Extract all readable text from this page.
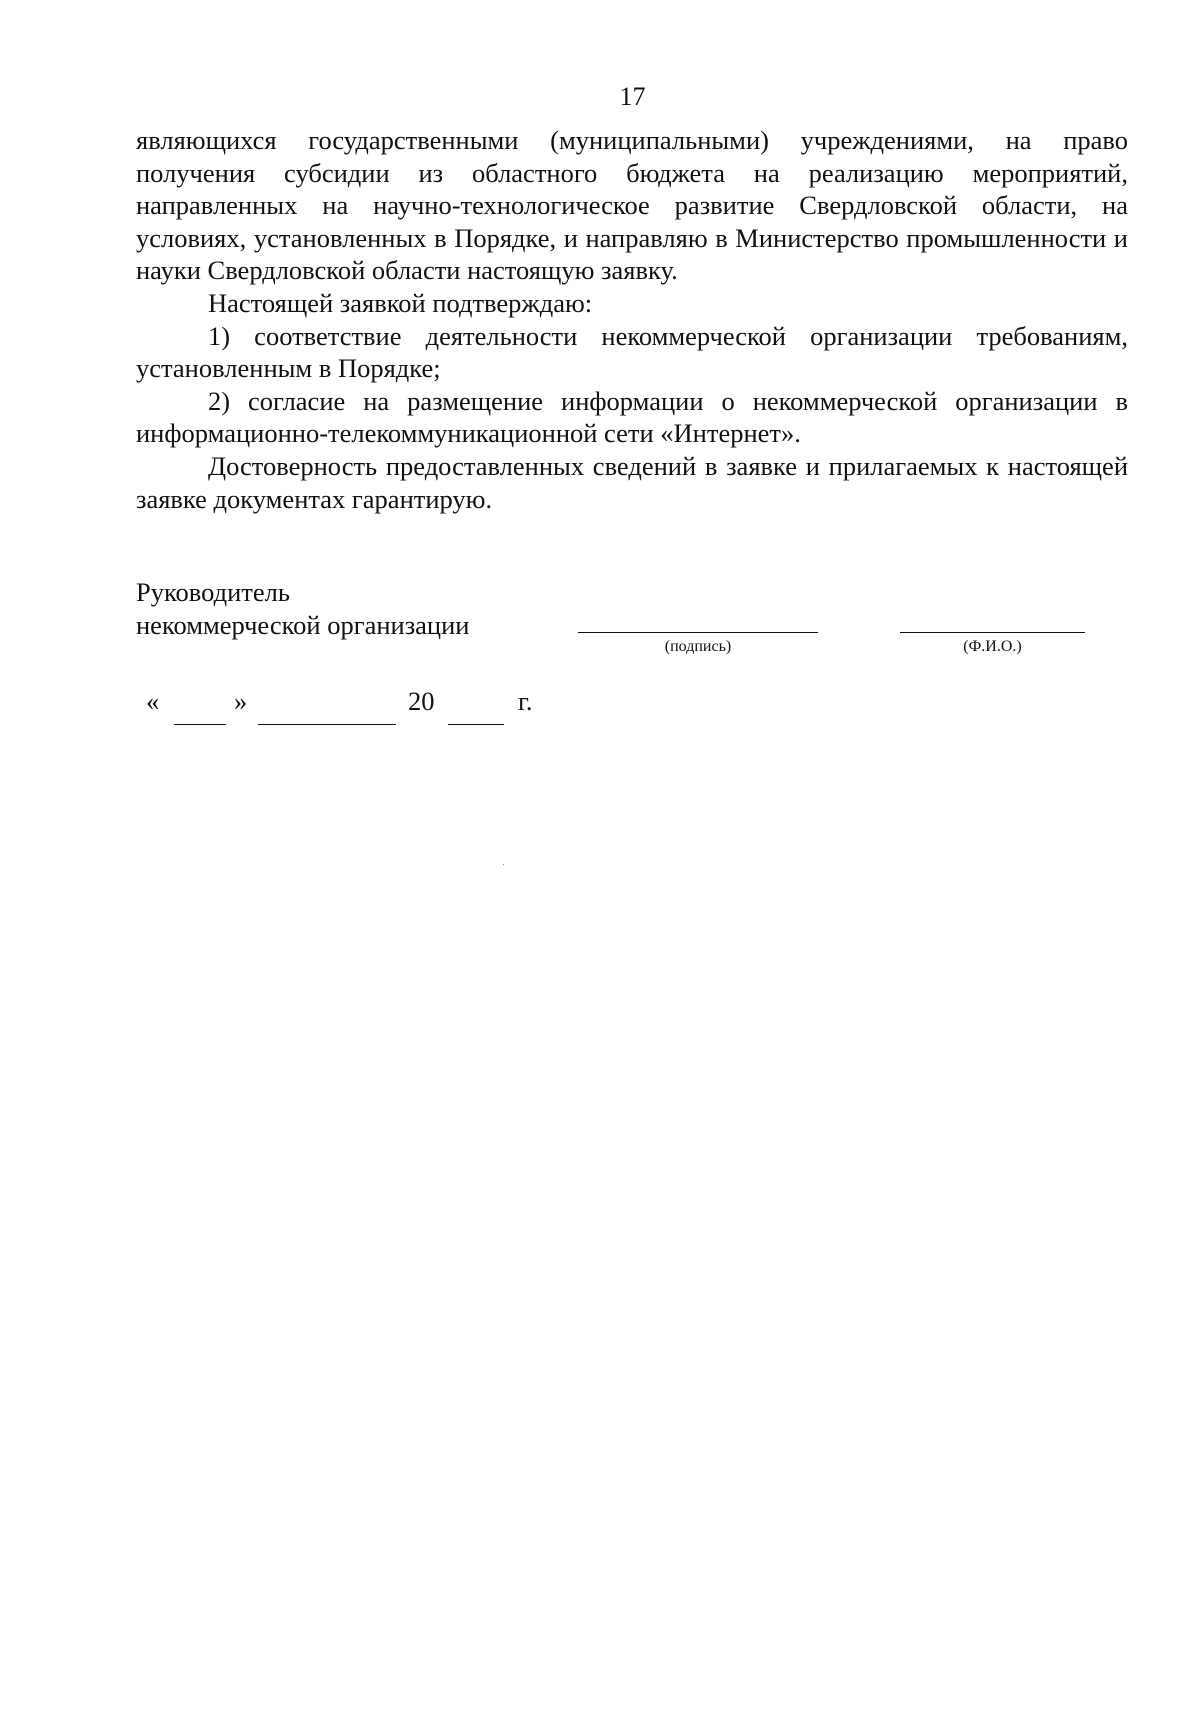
17

являющихся государственными (муниципальными) учреждениями, на право получения субсидии из областного бюджета на реализацию мероприятий, направленных на научно-технологическое развитие Свердловской области, на условиях, установленных в Порядке, и направляю в Министерство промышленности и науки Свердловской области настоящую заявку.

Настоящей заявкой подтверждаю:

1) соответствие деятельности некоммерческой организации требованиям, установленным в Порядке;

2) согласие на размещение информации о некоммерческой организации в информационно-телекоммуникационной сети «Интернет».

Достоверность предоставленных сведений в заявке и прилагаемых к настоящей заявке документах гарантирую.

Руководитель
некоммерческой организации
(подпись)	(Ф.И.О.)
«	»	20	г.
